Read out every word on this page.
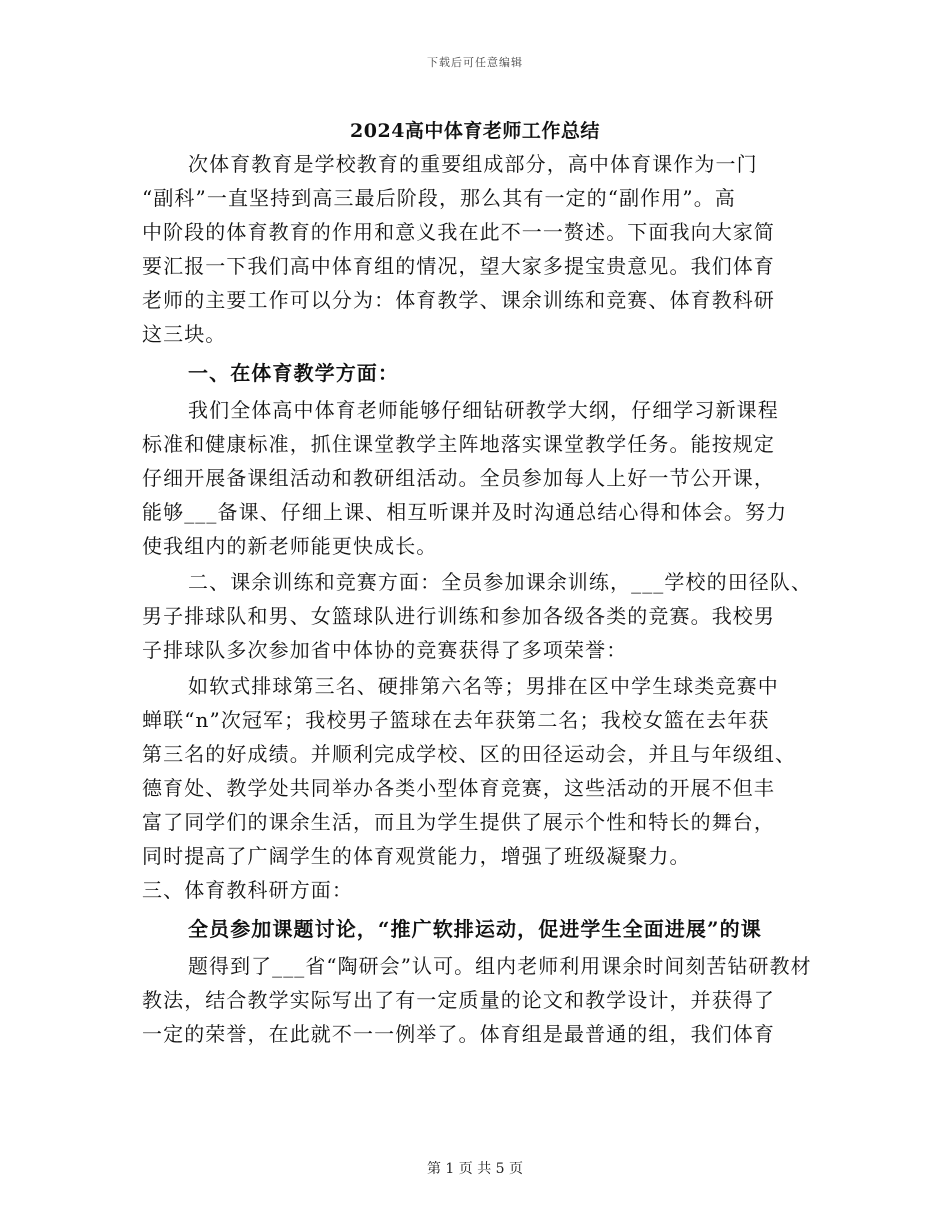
下载后可任意编辑
2024高中体育老师工作总结
次体育教育是学校教育的重要组成部分，高中体育课作为一门
“副科”一直坚持到高三最后阶段，那么其有一定的“副作用”。高
中阶段的体育教育的作用和意义我在此不一一赘述。下面我向大家简
要汇报一下我们高中体育组的情况，望大家多提宝贵意见。我们体育
老师的主要工作可以分为：体育教学、课余训练和竞赛、体育教科研
这三块。
一、在体育教学方面：
我们全体高中体育老师能够仔细钻研教学大纲，仔细学习新课程
标准和健康标准，抓住课堂教学主阵地落实课堂教学任务。能按规定
仔细开展备课组活动和教研组活动。全员参加每人上好一节公开课，
能够___备课、仔细上课、相互听课并及时沟通总结心得和体会。努力
使我组内的新老师能更快成长。
二、课余训练和竞赛方面：全员参加课余训练，___学校的田径队、
男子排球队和男、女篮球队进行训练和参加各级各类的竞赛。我校男
子排球队多次参加省中体协的竞赛获得了多项荣誉：
如软式排球第三名、硬排第六名等；男排在区中学生球类竞赛中
蝉联“n”次冠军；我校男子篮球在去年获第二名；我校女篮在去年获
第三名的好成绩。并顺利完成学校、区的田径运动会，并且与年级组、
德育处、教学处共同举办各类小型体育竞赛，这些活动的开展不但丰
富了同学们的课余生活，而且为学生提供了展示个性和特长的舞台，
同时提高了广阔学生的体育观赏能力，增强了班级凝聚力。
三、体育教科研方面：
全员参加课题讨论，“推广软排运动，促进学生全面进展”的课
题得到了___省“陶研会”认可。组内老师利用课余时间刻苦钻研教材
教法，结合教学实际写出了有一定质量的论文和教学设计，并获得了
一定的荣誉，在此就不一一例举了。体育组是最普通的组，我们体育
第 1 页 共 5 页
